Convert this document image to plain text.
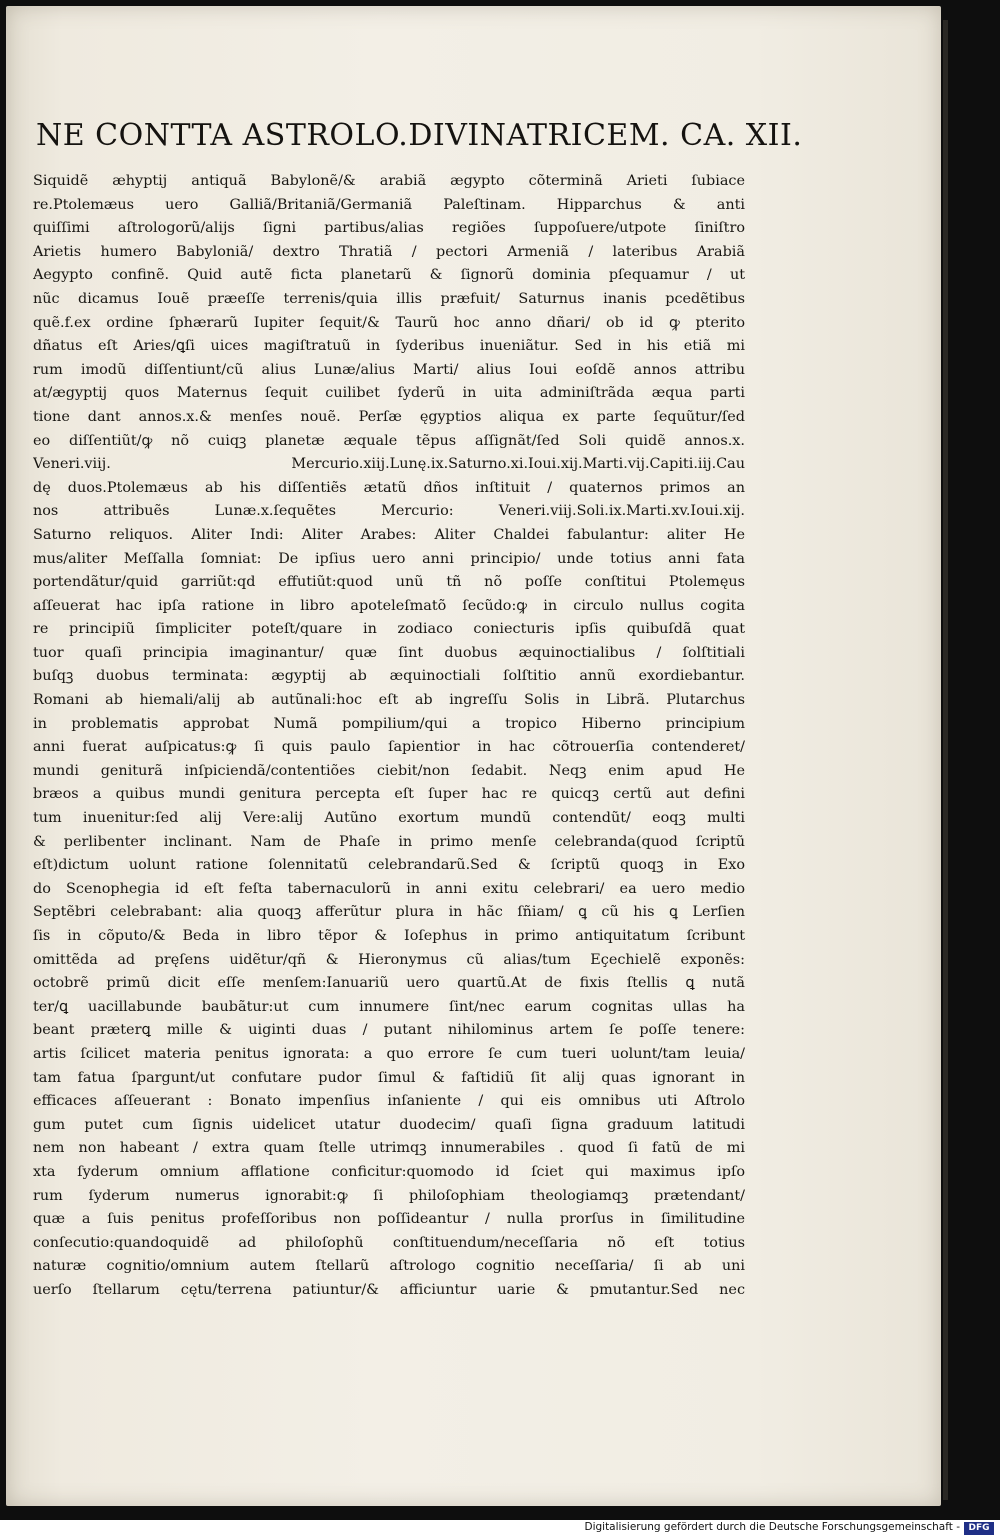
NE CONTTA ASTROLO.DIVINATRICEM. CA. XII.
Siquidẽ æhyptij antiquã Babylonẽ/& arabiã ægypto cõterminã Arieti ſubiace
re.Ptolemæus uero Galliã/Britaniã/Germaniã Paleſtinam. Hipparchus & anti
quiſſimi aſtrologorũ/alijs ſigni partibus/alias regiões ſuppoſuere/utpote ſiniſtro
Arietis humero Babyloniã/ dextro Thratiã / pectori Armeniã / lateribus Arabiã
Aegypto confinẽ. Quid autẽ ficta planetarũ & ſignorũ dominia pſequamur / ut
nũc dicamus Iouẽ præeſſe terrenis/quia illis præfuit/ Saturnus inanis pcedẽtibus
quẽ.f.ex ordine ſphærarũ Iupiter ſequit/& Taurũ hoc anno dñari/ ob id ꝙ pterito
dñatus eſt Aries/ꝗſi uices magiſtratuũ in ſyderibus inueniãtur. Sed in his etiã mi
rum imodũ diſſentiunt/cũ alius Lunæ/alius Marti/ alius Ioui eoſdẽ annos attribu
at/ægyptij quos Maternus ſequit cuilibet ſyderũ in uita adminiſtrãda æqua parti
tione dant annos.x.& menſes nouẽ. Perſæ ęgyptios aliqua ex parte ſequũtur/ſed
eo diſſentiũt/ꝙ nõ cuiqꝫ planetæ æquale tẽpus aſſignãt/ſed Soli quidẽ annos.x.
Veneri.viij. Mercurio.xiij.Lunę.ix.Saturno.xi.Ioui.xij.Marti.vij.Capiti.iij.Cau
dę duos.Ptolemæus ab his diſſentiẽs ætatũ dños inſtituit / quaternos primos an
nos attribuẽs Lunæ.x.ſequẽtes Mercurio: Veneri.viij.Soli.ix.Marti.xv.Ioui.xij.
Saturno reliquos. Aliter Indi: Aliter Arabes: Aliter Chaldei fabulantur: aliter He
mus/aliter Meſſalla ſomniat: De ipſius uero anni principio/ unde totius anni fata
portendãtur/quid garriũt:qd effutiũt:quod unũ tñ nõ poſſe conſtitui Ptolemęus
aſſeuerat hac ipſa ratione in libro apoteleſmatõ ſecũdo:ꝙ in circulo nullus cogita
re principiũ ſimpliciter poteſt/quare in zodiaco coniecturis ipſis quibuſdã quat
tuor quaſi principia imaginantur/ quæ ſint duobus æquinoctialibus / ſolſtitiali
buſqꝫ duobus terminata: ægyptij ab æquinoctiali ſolſtitio annũ exordiebantur.
Romani ab hiemali/alij ab autũnali:hoc eſt ab ingreſſu Solis in Librã. Plutarchus
in problematis approbat Numã pompilium/qui a tropico Hiberno principium
anni fuerat auſpicatus:ꝙ ſi quis paulo ſapientior in hac cõtrouerſia contenderet/
mundi geniturã inſpiciendã/contentiões ciebit/non ſedabit. Neqꝫ enim apud He
bræos a quibus mundi genitura percepta eſt ſuper hac re quicqꝫ certũ aut defini
tum inuenitur:ſed alij Vere:alij Autũno exortum mundũ contendũt/ eoqꝫ multi
& perlibenter inclinant. Nam de Phaſe in primo menſe celebranda(quod ſcriptũ
eſt)dictum uolunt ratione ſolennitatũ celebrandarũ.Sed & ſcriptũ quoqꝫ in Exo
do Scenophegia id eſt feſta tabernaculorũ in anni exitu celebrari/ ea uero medio
Septẽbri celebrabant: alia quoqꝫ afferũtur plura in hãc ſñiam/ ꝗ cũ his ꝗ Lerſien
ſis in cõputo/& Beda in libro tẽpor & Ioſephus in primo antiquitatum ſcribunt
omittẽda ad pręſens uidẽtur/qñ & Hieronymus cũ alias/tum Eçechielẽ exponẽs:
octobrẽ primũ dicit eſſe menſem:Ianuariũ uero quartũ.At de fixis ſtellis ꝗ nutã
ter/ꝗ uacillabunde baubãtur:ut cum innumere ſint/nec earum cognitas ullas ha
beant præterꝗ mille & uiginti duas / putant nihilominus artem ſe poſſe tenere:
artis ſcilicet materia penitus ignorata: a quo errore ſe cum tueri uolunt/tam leuia/
tam fatua ſpargunt/ut confutare pudor ſimul & faſtidiũ ſit alij quas ignorant in
efficaces aſſeuerant : Bonato impenſius inſaniente / qui eis omnibus uti Aſtrolo
gum putet cum ſignis uidelicet utatur duodecim/ quaſi ſigna graduum latitudi
nem non habeant / extra quam ſtelle utrimqꝫ innumerabiles . quod ſi fatũ de mi
xta ſyderum omnium afflatione conficitur:quomodo id ſciet qui maximus ipſo
rum ſyderum numerus ignorabit:ꝙ ſi philoſophiam theologiamqꝫ prætendant/
quæ a ſuis penitus profeſſoribus non poſſideantur / nulla prorſus in ſimilitudine
conſecutio:quandoquidẽ ad philoſophũ conſtituendum/neceſſaria nõ eſt totius
naturæ cognitio/omnium autem ſtellarũ aſtrologo cognitio neceſſaria/ ſi ab uni
uerſo ſtellarum cętu/terrena patiuntur/& afficiuntur uarie & pmutantur.Sed nec
Digitalisierung gefördert durch die Deutsche Forschungsgemeinschaft - DFG
